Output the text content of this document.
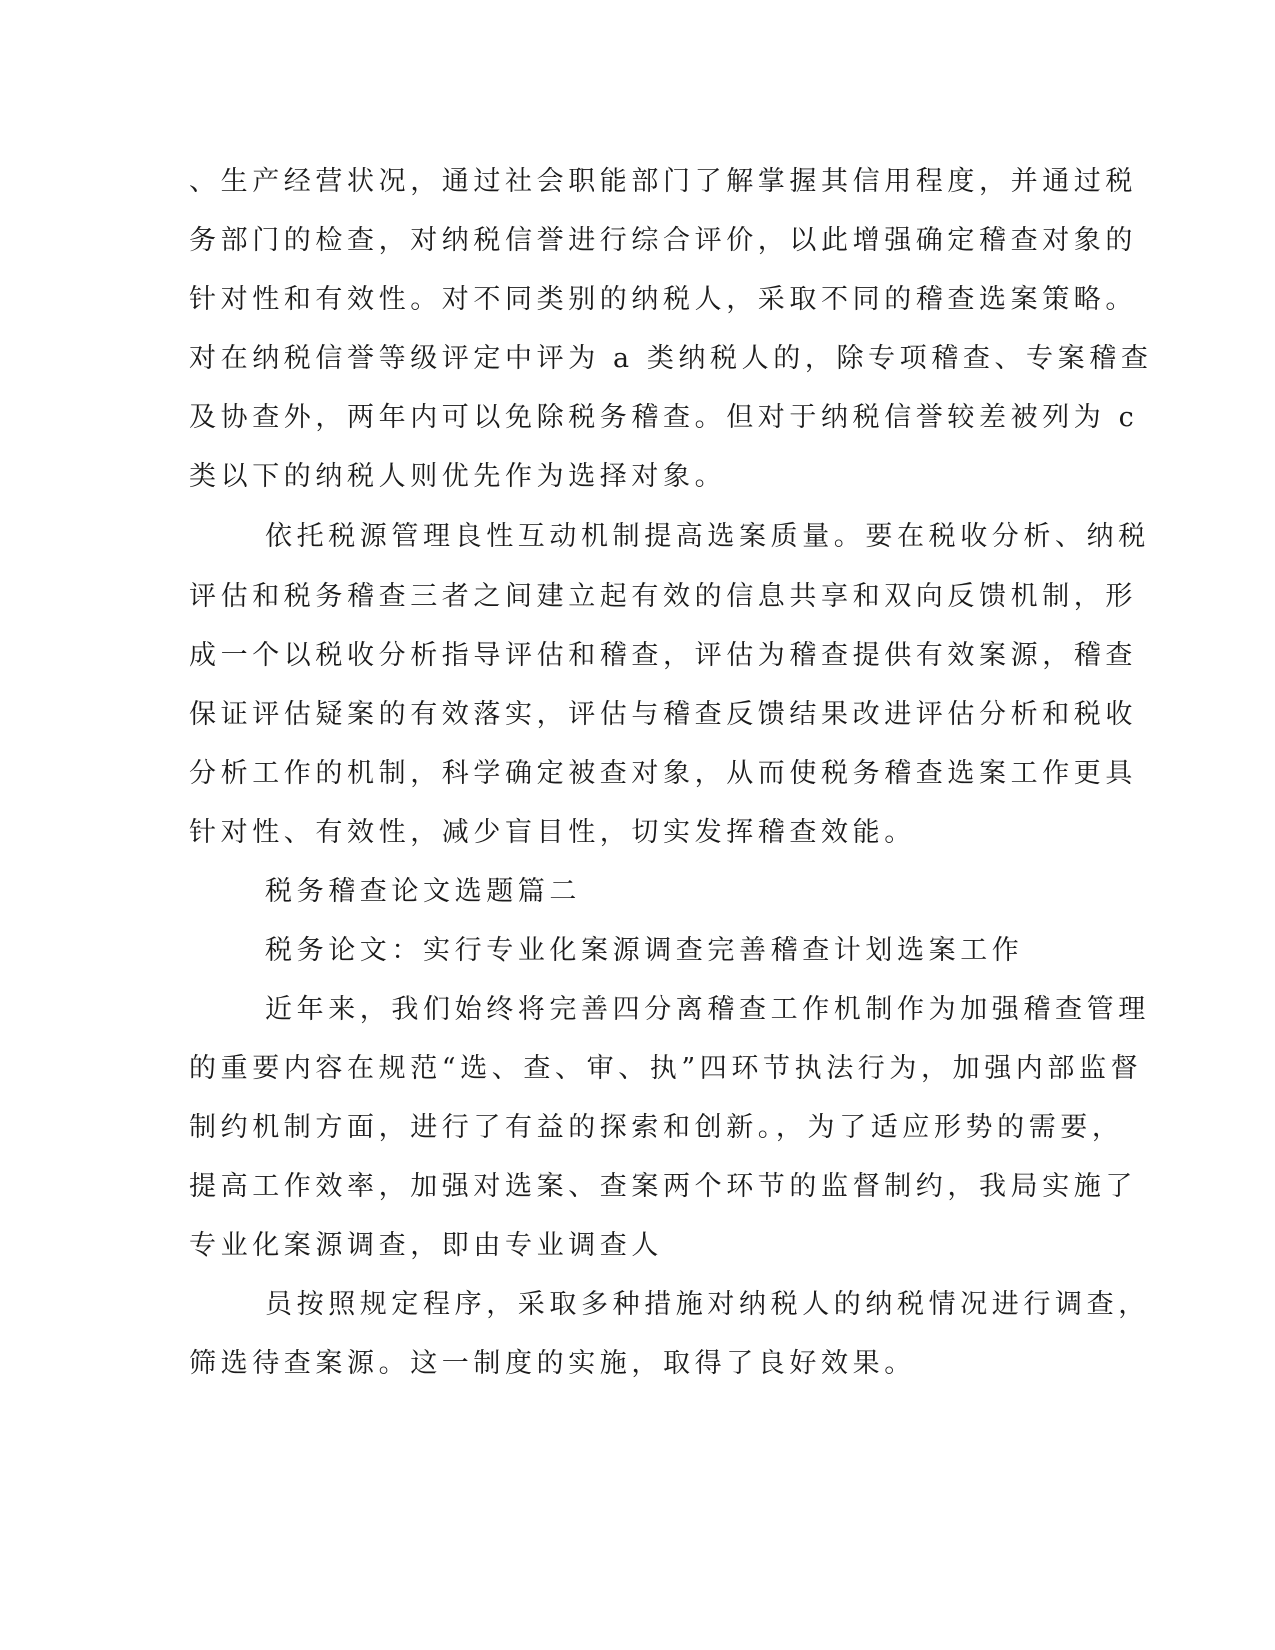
、生产经营状况，通过社会职能部门了解掌握其信用程度，并通过税
务部门的检查，对纳税信誉进行综合评价，以此增强确定稽查对象的
针对性和有效性。对不同类别的纳税人，采取不同的稽查选案策略。
对在纳税信誉等级评定中评为 a 类纳税人的，除专项稽查、专案稽查
及协查外，两年内可以免除税务稽查。但对于纳税信誉较差被列为 c
类以下的纳税人则优先作为选择对象。
依托税源管理良性互动机制提高选案质量。要在税收分析、纳税
评估和税务稽查三者之间建立起有效的信息共享和双向反馈机制，形
成一个以税收分析指导评估和稽查，评估为稽查提供有效案源，稽查
保证评估疑案的有效落实，评估与稽查反馈结果改进评估分析和税收
分析工作的机制，科学确定被查对象，从而使税务稽查选案工作更具
针对性、有效性，减少盲目性，切实发挥稽查效能。
税务稽查论文选题篇二
税务论文：实行专业化案源调查完善稽查计划选案工作
近年来，我们始终将完善四分离稽查工作机制作为加强稽查管理
的重要内容在规范“选、查、审、执”四环节执法行为，加强内部监督
制约机制方面，进行了有益的探索和创新。，为了适应形势的需要，
提高工作效率，加强对选案、查案两个环节的监督制约，我局实施了
专业化案源调查，即由专业调查人
员按照规定程序，采取多种措施对纳税人的纳税情况进行调查，
筛选待查案源。这一制度的实施，取得了良好效果。
